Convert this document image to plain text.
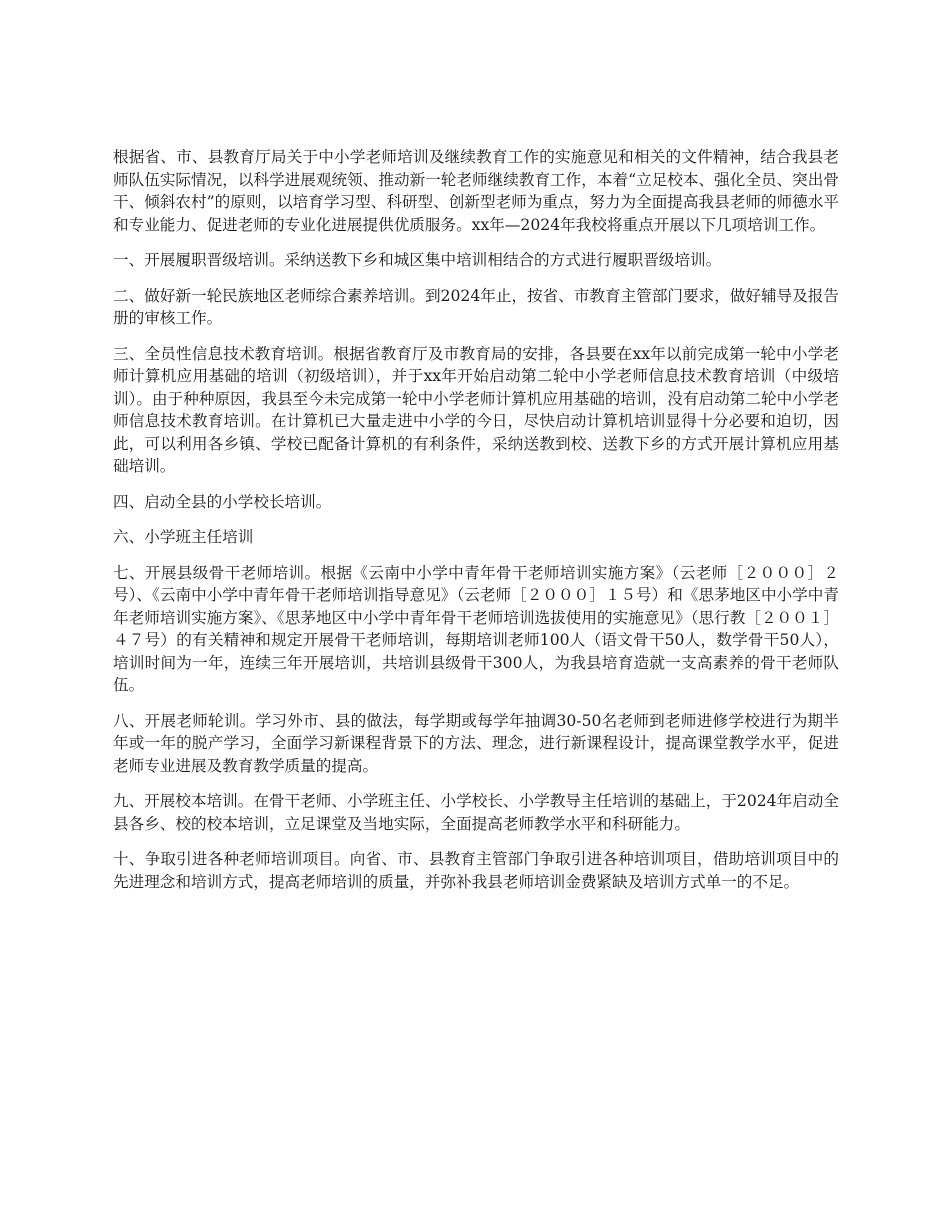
根据省、市、县教育厅局关于中小学老师培训及继续教育工作的实施意见和相关的文件精神，结合我县老师队伍实际情况，以科学进展观统领、推动新一轮老师继续教育工作，本着“立足校本、强化全员、突出骨干、倾斜农村”的原则，以培育学习型、科研型、创新型老师为重点，努力为全面提高我县老师的师德水平和专业能力、促进老师的专业化进展提供优质服务。xx年—2024年我校将重点开展以下几项培训工作。

一、开展履职晋级培训。采纳送教下乡和城区集中培训相结合的方式进行履职晋级培训。

二、做好新一轮民族地区老师综合素养培训。到2024年止，按省、市教育主管部门要求，做好辅导及报告册的审核工作。

三、全员性信息技术教育培训。根据省教育厅及市教育局的安排，各县要在xx年以前完成第一轮中小学老师计算机应用基础的培训（初级培训），并于xx年开始启动第二轮中小学老师信息技术教育培训（中级培训）。由于种种原因，我县至今未完成第一轮中小学老师计算机应用基础的培训，没有启动第二轮中小学老师信息技术教育培训。在计算机已大量走进中小学的今日，尽快启动计算机培训显得十分必要和迫切，因此，可以利用各乡镇、学校已配备计算机的有利条件，采纳送教到校、送教下乡的方式开展计算机应用基础培训。

四、启动全县的小学校长培训。

六、小学班主任培训

七、开展县级骨干老师培训。根据《云南中小学中青年骨干老师培训实施方案》（云老师［２０００］２号）、《云南中小学中青年骨干老师培训指导意见》（云老师［２０００］１５号）和《思茅地区中小学中青年老师培训实施方案》、《思茅地区中小学中青年骨干老师培训选拔使用的实施意见》（思行教［２００１］４７号）的有关精神和规定开展骨干老师培训，每期培训老师100人（语文骨干50人，数学骨干50人），培训时间为一年，连续三年开展培训，共培训县级骨干300人，为我县培育造就一支高素养的骨干老师队伍。

八、开展老师轮训。学习外市、县的做法，每学期或每学年抽调30-50名老师到老师进修学校进行为期半年或一年的脱产学习，全面学习新课程背景下的方法、理念，进行新课程设计，提高课堂教学水平，促进老师专业进展及教育教学质量的提高。

九、开展校本培训。在骨干老师、小学班主任、小学校长、小学教导主任培训的基础上，于2024年启动全县各乡、校的校本培训，立足课堂及当地实际，全面提高老师教学水平和科研能力。

十、争取引进各种老师培训项目。向省、市、县教育主管部门争取引进各种培训项目，借助培训项目中的先进理念和培训方式，提高老师培训的质量，并弥补我县老师培训金费紧缺及培训方式单一的不足。
